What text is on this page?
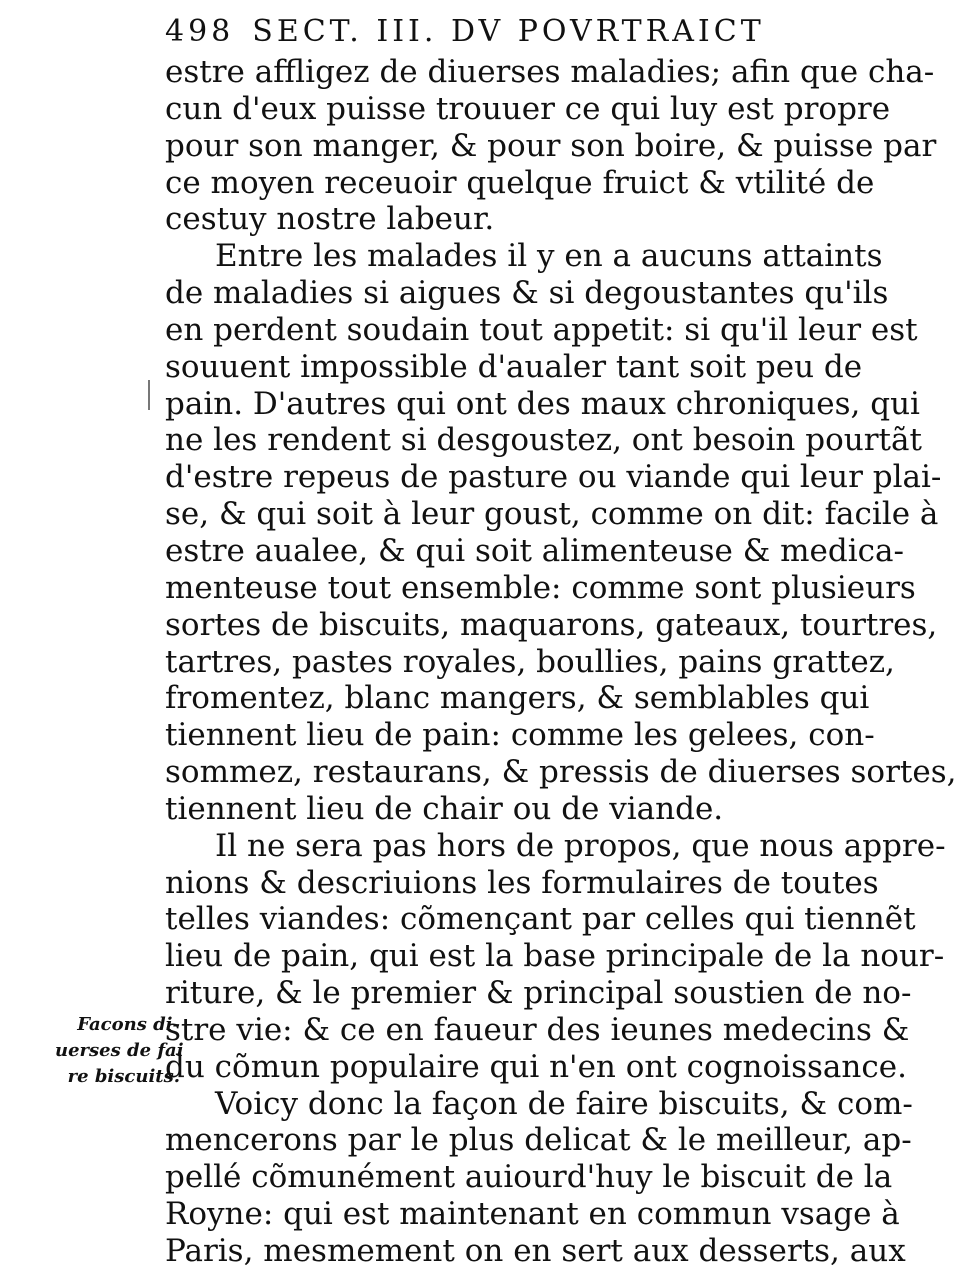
498 SECT. III. DV POVRTRAICT
Facons di-
uerses de fai
re biscuits.
estre affligez de diuerses maladies; afin que cha-
cun d'eux puisse trouuer ce qui luy est propre
pour son manger, & pour son boire, & puisse par
ce moyen receuoir quelque fruict & vtilité de
cestuy nostre labeur.
Entre les malades il y en a aucuns attaints
de maladies si aigues & si degoustantes qu'ils
en perdent soudain tout appetit: si qu'il leur est
souuent impossible d'aualer tant soit peu de
pain. D'autres qui ont des maux chroniques, qui
ne les rendent si desgoustez, ont besoin pourtãt
d'estre repeus de pasture ou viande qui leur plai-
se, & qui soit à leur goust, comme on dit: facile à
estre aualee, & qui soit alimenteuse & medica-
menteuse tout ensemble: comme sont plusieurs
sortes de biscuits, maquarons, gateaux, tourtres,
tartres, pastes royales, boullies, pains grattez,
fromentez, blanc mangers, & semblables qui
tiennent lieu de pain: comme les gelees, con-
sommez, restaurans, & pressis de diuerses sortes,
tiennent lieu de chair ou de viande.
Il ne sera pas hors de propos, que nous appre-
nions & descriuions les formulaires de toutes
telles viandes: cõmençant par celles qui tiennẽt
lieu de pain, qui est la base principale de la nour-
riture, & le premier & principal soustien de no-
stre vie: & ce en faueur des ieunes medecins &
du cõmun populaire qui n'en ont cognoissance.
Voicy donc la façon de faire biscuits, & com-
mencerons par le plus delicat & le meilleur, ap-
pellé cõmunément auiourd'huy le biscuit de la
Royne: qui est maintenant en commun vsage à
Paris, mesmement on en sert aux desserts, aux
